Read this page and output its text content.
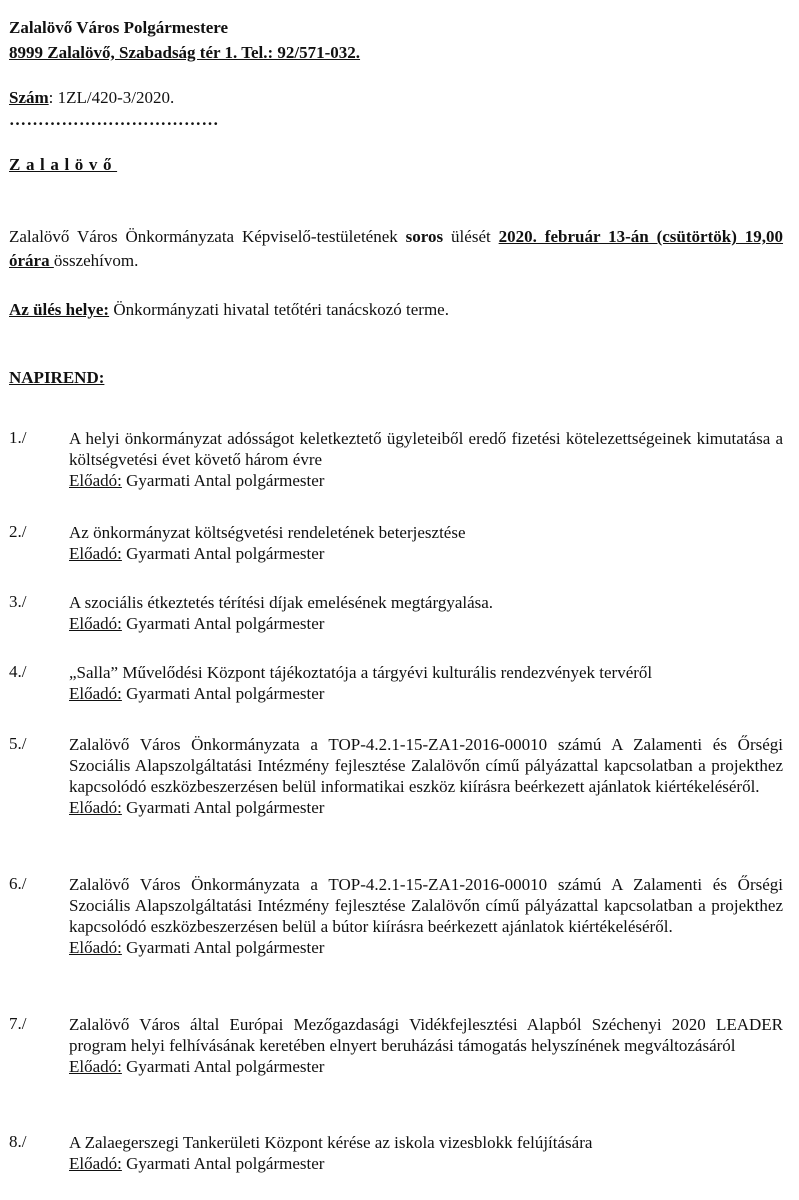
Zalalövő Város Polgármestere
8999 Zalalövő, Szabadság tér 1. Tel.: 92/571-032.
Szám: 1ZL/420-3/2020.
………………………………
Zalalövő
Zalalövő Város Önkormányzata Képviselő-testületének soros ülését 2020. február 13-án (csütörtök) 19,00 órára összehívom.
Az ülés helye: Önkormányzati hivatal tetőtéri tanácskozó terme.
NAPIREND:
1./	A helyi önkormányzat adósságot keletkeztető ügyleteiből eredő fizetési kötelezettségeinek kimutatása a költségvetési évet követő három évre
Előadó: Gyarmati Antal polgármester
2./	Az önkormányzat költségvetési rendeletének beterjesztése
Előadó: Gyarmati Antal polgármester
3./	A szociális étkeztetés térítési díjak emelésének megtárgyalása.
Előadó: Gyarmati Antal polgármester
4./	„Salla” Művelődési Központ tájékoztatója a tárgyévi kulturális rendezvények tervéről
Előadó: Gyarmati Antal polgármester
5./	Zalalövő Város Önkormányzata a TOP-4.2.1-15-ZA1-2016-00010 számú A Zalamenti és Őrségi Szociális Alapszolgáltatási Intézmény fejlesztése Zalalövőn című pályázattal kapcsolatban a projekthez kapcsolódó eszközbeszerzésen belül informatikai eszköz kiírásra beérkezett ajánlatok kiértékeléséről.
Előadó: Gyarmati Antal polgármester
6./	Zalalövő Város Önkormányzata a TOP-4.2.1-15-ZA1-2016-00010 számú A Zalamenti és Őrségi Szociális Alapszolgáltatási Intézmény fejlesztése Zalalövőn című pályázattal kapcsolatban a projekthez kapcsolódó eszközbeszerzésen belül a bútor kiírásra beérkezett ajánlatok kiértékeléséről.
Előadó: Gyarmati Antal polgármester
7./	Zalalövő Város által Európai Mezőgazdasági Vidékfejlesztési Alapból Széchenyi 2020 LEADER program helyi felhívásának keretében elnyert beruházási támogatás helyszínének megváltozásáról
Előadó: Gyarmati Antal polgármester
8./	A Zalaegerszegi Tankerületi Központ kérése az iskola vizesblokk felújítására
Előadó: Gyarmati Antal polgármester
